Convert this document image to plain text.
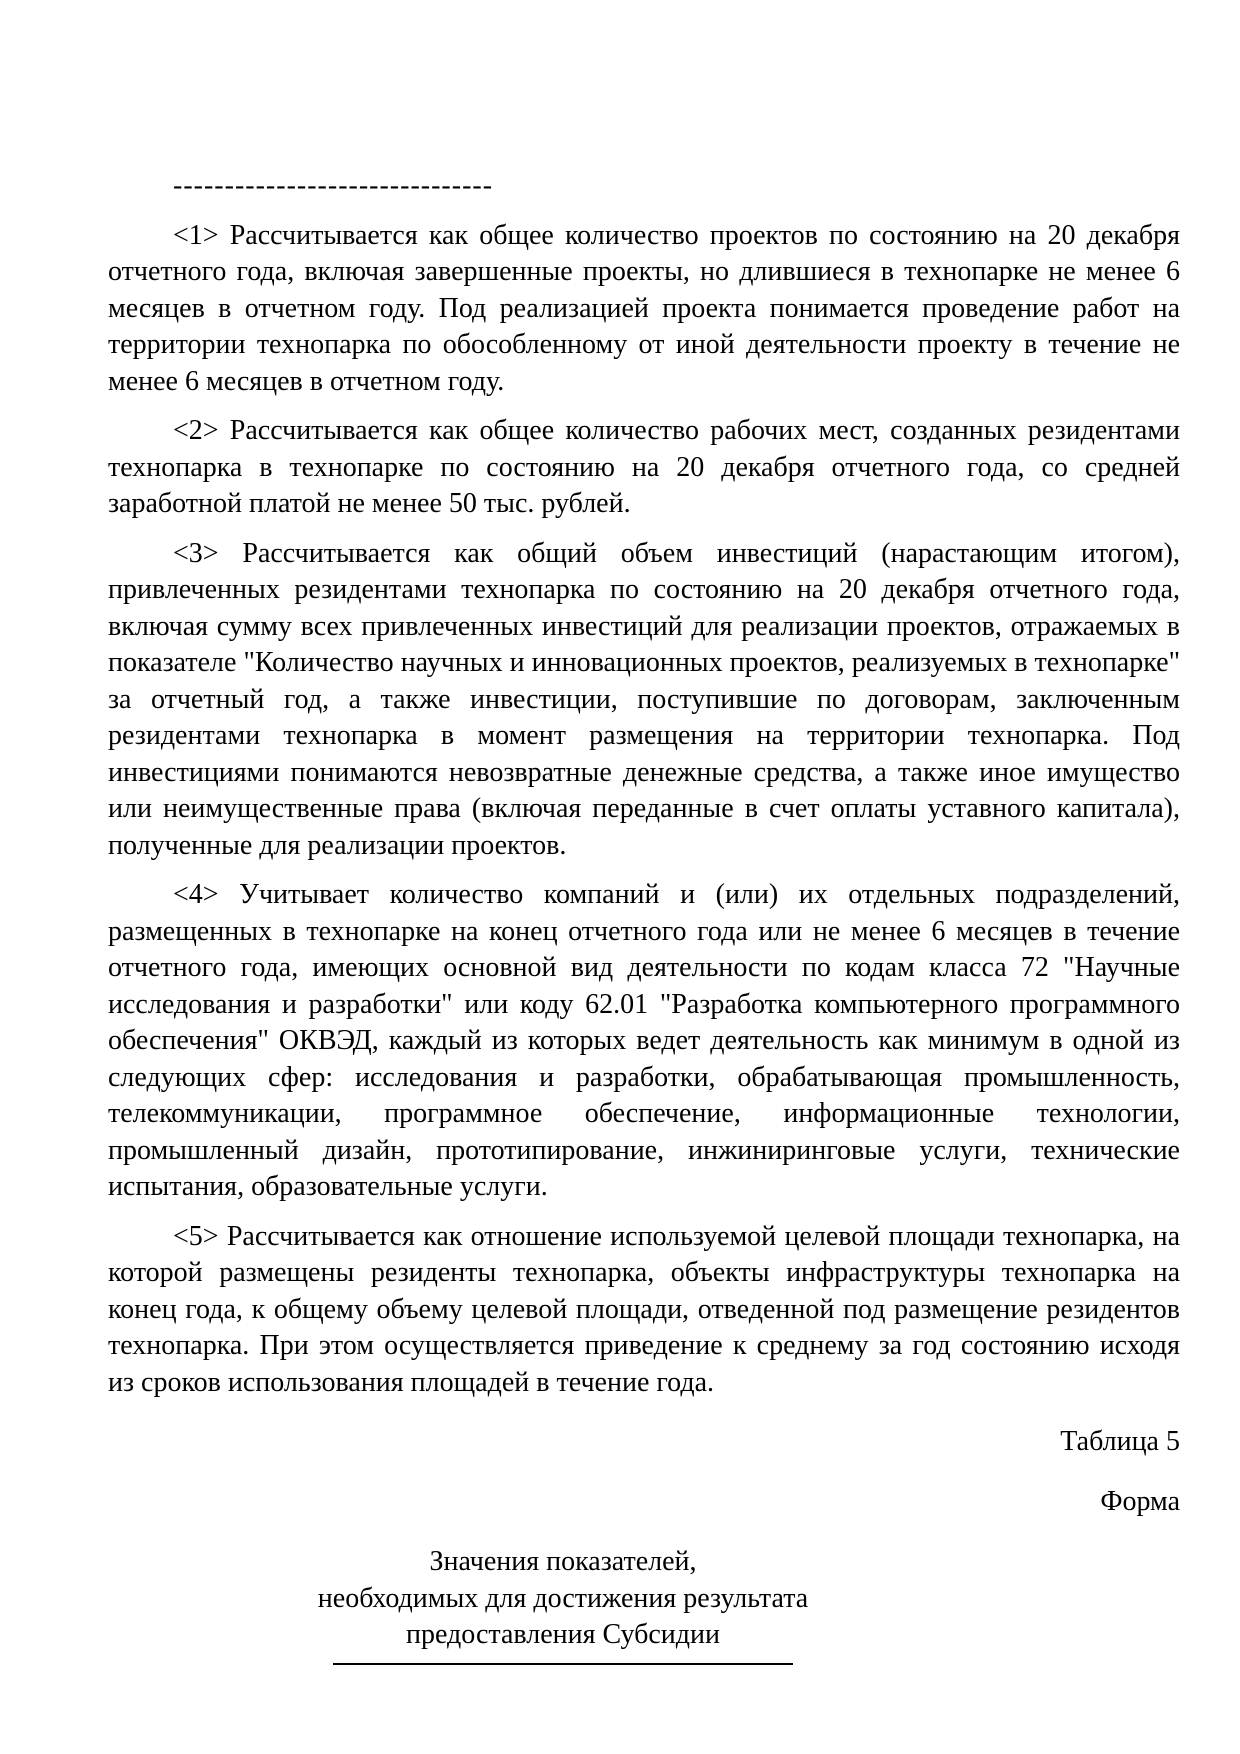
-------------------------------

<1> Рассчитывается как общее количество проектов по состоянию на 20 декабря отчетного года, включая завершенные проекты, но длившиеся в технопарке не менее 6 месяцев в отчетном году. Под реализацией проекта понимается проведение работ на территории технопарка по обособленному от иной деятельности проекту в течение не менее 6 месяцев в отчетном году.

<2> Рассчитывается как общее количество рабочих мест, созданных резидентами технопарка в технопарке по состоянию на 20 декабря отчетного года, со средней заработной платой не менее 50 тыс. рублей.

<3> Рассчитывается как общий объем инвестиций (нарастающим итогом), привлеченных резидентами технопарка по состоянию на 20 декабря отчетного года, включая сумму всех привлеченных инвестиций для реализации проектов, отражаемых в показателе "Количество научных и инновационных проектов, реализуемых в технопарке" за отчетный год, а также инвестиции, поступившие по договорам, заключенным резидентами технопарка в момент размещения на территории технопарка. Под инвестициями понимаются невозвратные денежные средства, а также иное имущество или неимущественные права (включая переданные в счет оплаты уставного капитала), полученные для реализации проектов.

<4> Учитывает количество компаний и (или) их отдельных подразделений, размещенных в технопарке на конец отчетного года или не менее 6 месяцев в течение отчетного года, имеющих основной вид деятельности по кодам класса 72 "Научные исследования и разработки" или коду 62.01 "Разработка компьютерного программного обеспечения" ОКВЭД, каждый из которых ведет деятельность как минимум в одной из следующих сфер: исследования и разработки, обрабатывающая промышленность, телекоммуникации, программное обеспечение, информационные технологии, промышленный дизайн, прототипирование, инжиниринговые услуги, технические испытания, образовательные услуги.

<5> Рассчитывается как отношение используемой целевой площади технопарка, на которой размещены резиденты технопарка, объекты инфраструктуры технопарка на конец года, к общему объему целевой площади, отведенной под размещение резидентов технопарка. При этом осуществляется приведение к среднему за год состоянию исходя из сроков использования площадей в течение года.

Таблица 5
Форма
Значения показателей,
необходимых для достижения результата
предоставления Субсидии
